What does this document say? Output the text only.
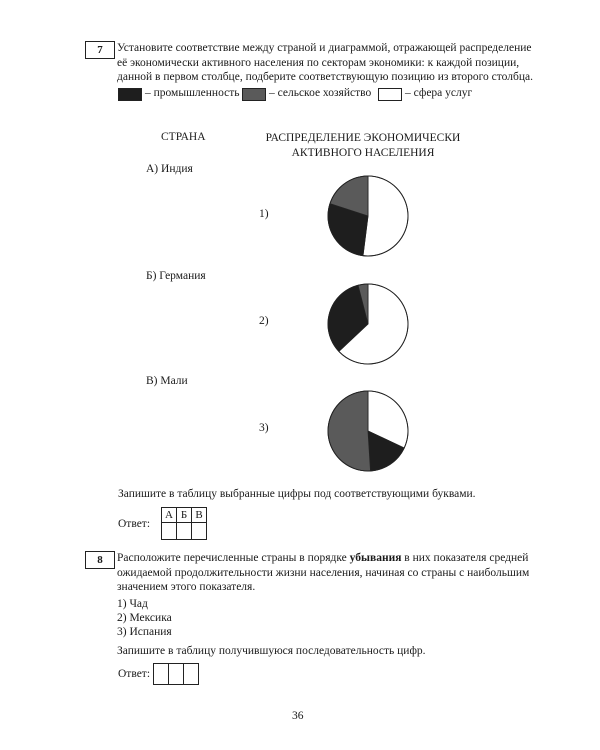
7	Установите соответствие между страной и диаграммой, отражающей распределение
её экономически активного населения по секторам экономики: к каждой позиции,
данной в первом столбце, подберите соответствующую позицию из второго столбца.
– промышленность	– сельское хозяйство	– сфера услуг
СТРАНА	РАСПРЕДЕЛЕНИЕ ЭКОНОМИЧЕСКИ
АКТИВНОГО НАСЕЛЕНИЯ
А) Индия
Б) Германия
В) Мали
1)
2)
3)
Запишите в таблицу выбранные цифры под соответствующими буквами.
Ответ:
А	Б	В

8	Расположите перечисленные страны в порядке убывания в них показателя средней
ожидаемой продолжительности жизни населения, начиная со страны с наибольшим
значением этого показателя.
1) Чад
2) Мексика
3) Испания
Запишите в таблицу получившуюся последовательность цифр.
Ответ:

36
